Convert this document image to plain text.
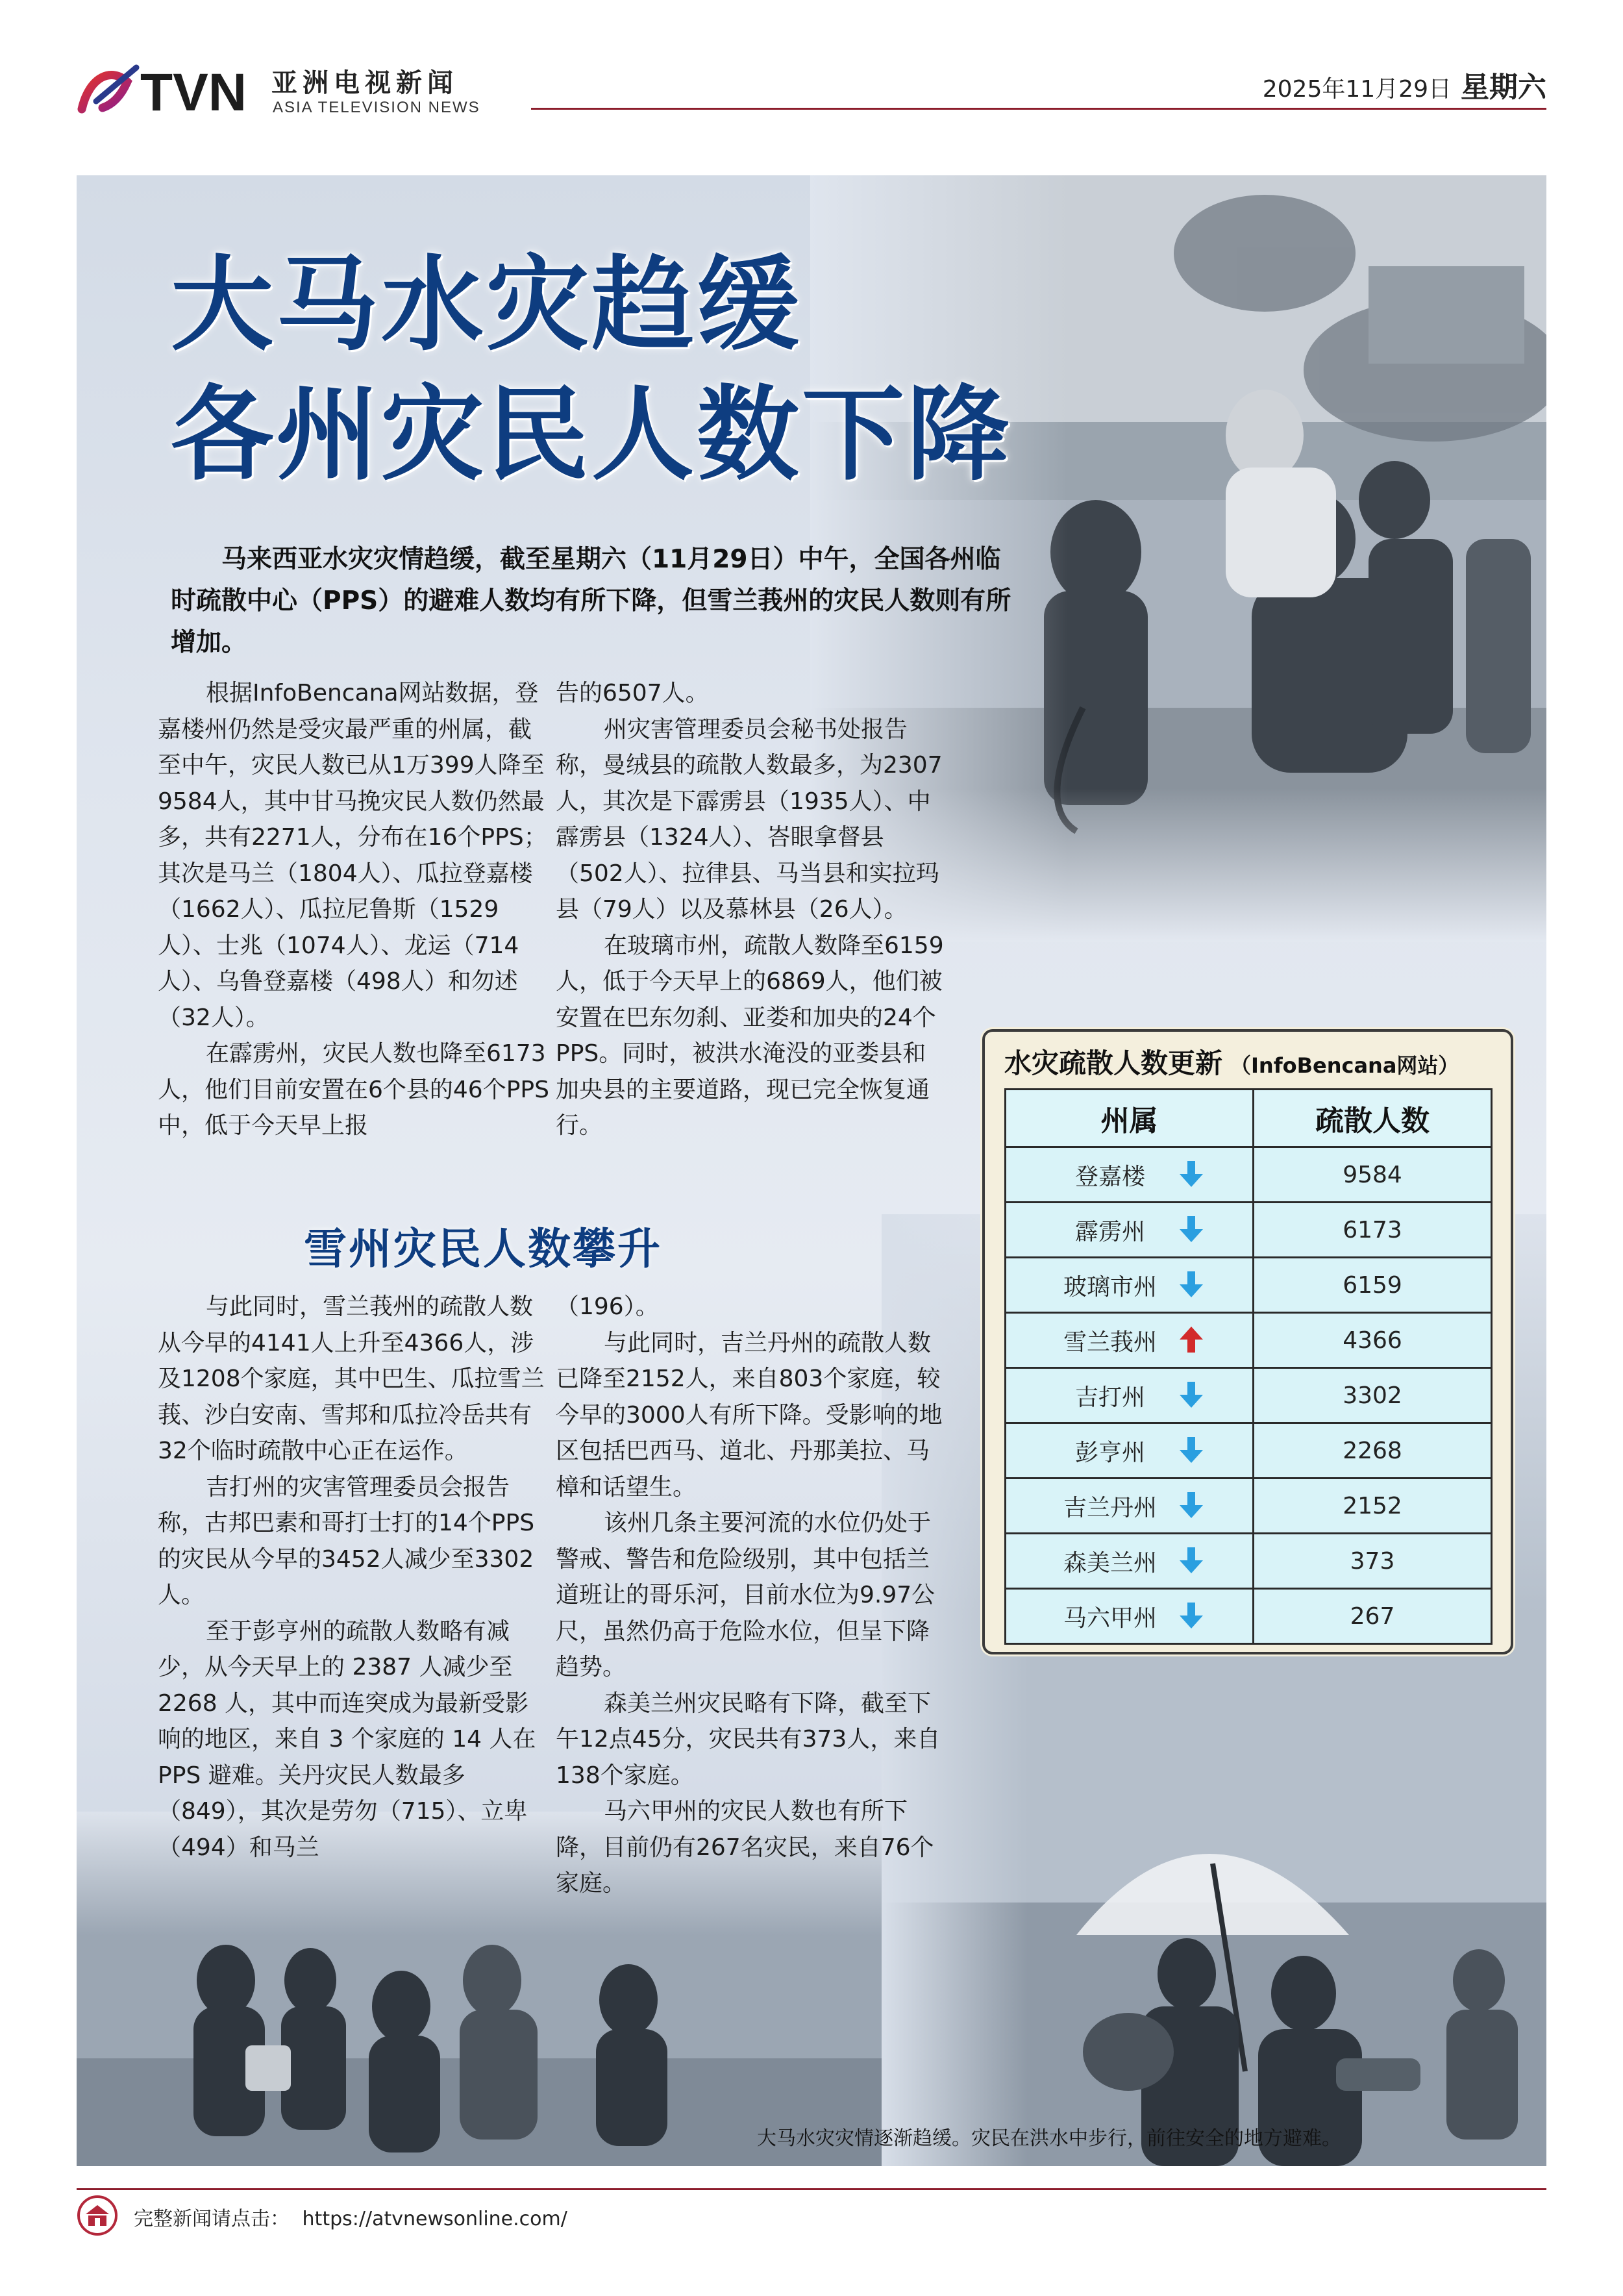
TVN 亚洲电视新闻
ASIA TELEVISION NEWS
2025年11月29日 星期六
大马水灾趋缓
各州灾民人数下降
马来西亚水灾灾情趋缓，截至星期六（11月29日）中午，全国各州临时疏散中心（PPS）的避难人数均有所下降，但雪兰莪州的灾民人数则有所增加。

根据InfoBencana网站数据，登嘉楼州仍然是受灾最严重的州属，截至中午，灾民人数已从1万399人降至9584人，其中甘马挽灾民人数仍然最多，共有2271人，分布在16个PPS；其次是马兰（1804人）、瓜拉登嘉楼（1662人）、瓜拉尼鲁斯（1529人）、士兆（1074人）、龙运（714人）、乌鲁登嘉楼（498人）和勿述（32人）。

在霹雳州，灾民人数也降至6173人，他们目前安置在6个县的46个PPS中，低于今天早上报

告的6507人。

州灾害管理委员会秘书处报告称，曼绒县的疏散人数最多，为2307人，其次是下霹雳县（1935人）、中霹雳县（1324人）、峇眼拿督县（502人）、拉律县、马当县和实拉玛县（79人）以及慕林县（26人）。

在玻璃市州，疏散人数降至6159人，低于今天早上的6869人，他们被安置在巴东勿刹、亚娄和加央的24个PPS。同时，被洪水淹没的亚娄县和加央县的主要道路，现已完全恢复通行。

雪州灾民人数攀升

与此同时，雪兰莪州的疏散人数从今早的4141人上升至4366人，涉及1208个家庭，其中巴生、瓜拉雪兰莪、沙白安南、雪邦和瓜拉冷岳共有32个临时疏散中心正在运作。

吉打州的灾害管理委员会报告称，古邦巴素和哥打士打的14个PPS的灾民从今早的3452人减少至3302人。

至于彭亨州的疏散人数略有减少，从今天早上的 2387 人减少至 2268 人，其中而连突成为最新受影响的地区，来自 3 个家庭的 14 人在 PPS 避难。关丹灾民人数最多（849），其次是劳勿（715）、立卑（494）和马兰

（196）。

与此同时，吉兰丹州的疏散人数已降至2152人，来自803个家庭，较今早的3000人有所下降。受影响的地区包括巴西马、道北、丹那美拉、马樟和话望生。

该州几条主要河流的水位仍处于警戒、警告和危险级别，其中包括兰道班让的哥乐河，目前水位为9.97公尺，虽然仍高于危险水位，但呈下降趋势。

森美兰州灾民略有下降，截至下午12点45分，灾民共有373人，来自138个家庭。

马六甲州的灾民人数也有所下降，目前仍有267名灾民，来自76个家庭。

水灾疏散人数更新 （InfoBencana网站）
州属	疏散人数
登嘉楼	9584
霹雳州	6173
玻璃市州	6159
雪兰莪州	4366
吉打州	3302
彭亨州	2268
吉兰丹州	2152
森美兰州	373
马六甲州	267
大马水灾灾情逐渐趋缓。灾民在洪水中步行，前往安全的地方避难。
完整新闻请点击： https://atvnewsonline.com/
